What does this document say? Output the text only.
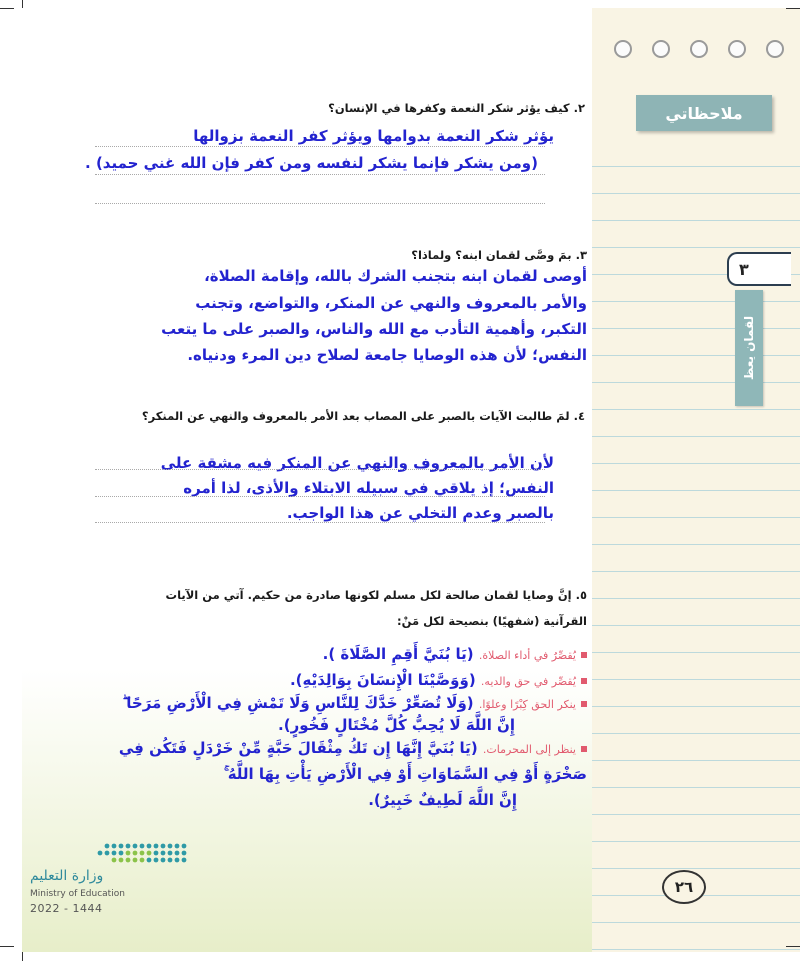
٢. كيف يؤثر شكر النعمة وكفرها في الإنسان؟
يؤثر شكر النعمة بدوامها ويؤثر كفر النعمة بزوالها
(ومن يشكر فإنما يشكر لنفسه ومن كفر فإن الله غني حميد) .
٣. بمَ وصَّى لقمان ابنه؟ ولماذا؟
أوصى لقمان ابنه بتجنب الشرك بالله، وإقامة الصلاة،
والأمر بالمعروف والنهي عن المنكر، والتواضع، وتجنب
التكبر، وأهمية التأدب مع الله والناس، والصبر على ما يتعب
النفس؛ لأن هذه الوصايا جامعة لصلاح دين المرء ودنياه.
٤. لمَ طالبت الآيات بالصبر على المصاب بعد الأمر بالمعروف والنهي عن المنكر؟
لأن الأمر بالمعروف والنهي عن المنكر فيه مشقة على
النفس؛ إذ يلاقي في سبيله الابتلاء والأذى، لذا أمره
بالصبر وعدم التخلي عن هذا الواجب.
٥. إنَّ وصايا لقمان صالحة لكل مسلم لكونها صادرة من حكيم. آتي من الآيات
القرآنية (شفهيًا) بنصيحة لكل مَنْ:
يُقصِّرُ في أداء الصلاة. (يَا بُنَيَّ أَقِمِ الصَّلَاةَ ).
يُقصِّر في حق والديه. (وَوَصَّيْنَا الْإِنسَانَ بِوَالِدَيْهِ).
ينكر الحق كِبْرًا وعلوًا. (وَلَا تُصَعِّرْ خَدَّكَ لِلنَّاسِ وَلَا تَمْشِ فِي الْأَرْضِ مَرَحًا ۖ
إِنَّ اللَّهَ لَا يُحِبُّ كُلَّ مُخْتَالٍ فَخُورٍ).
ينظر إلى المحرمات. (يَا بُنَيَّ إِنَّهَا إِن تَكُ مِثْقَالَ حَبَّةٍ مِّنْ خَرْدَلٍ فَتَكُن فِي
صَخْرَةٍ أَوْ فِي السَّمَاوَاتِ أَوْ فِي الْأَرْضِ يَأْتِ بِهَا اللَّهُ ۚ
إِنَّ اللَّهَ لَطِيفٌ خَبِيرٌ).
وزارة التعليم
Ministry of Education
2022 - 1444
ملاحظاتي
٣
لقمان يعظ
٢٦
